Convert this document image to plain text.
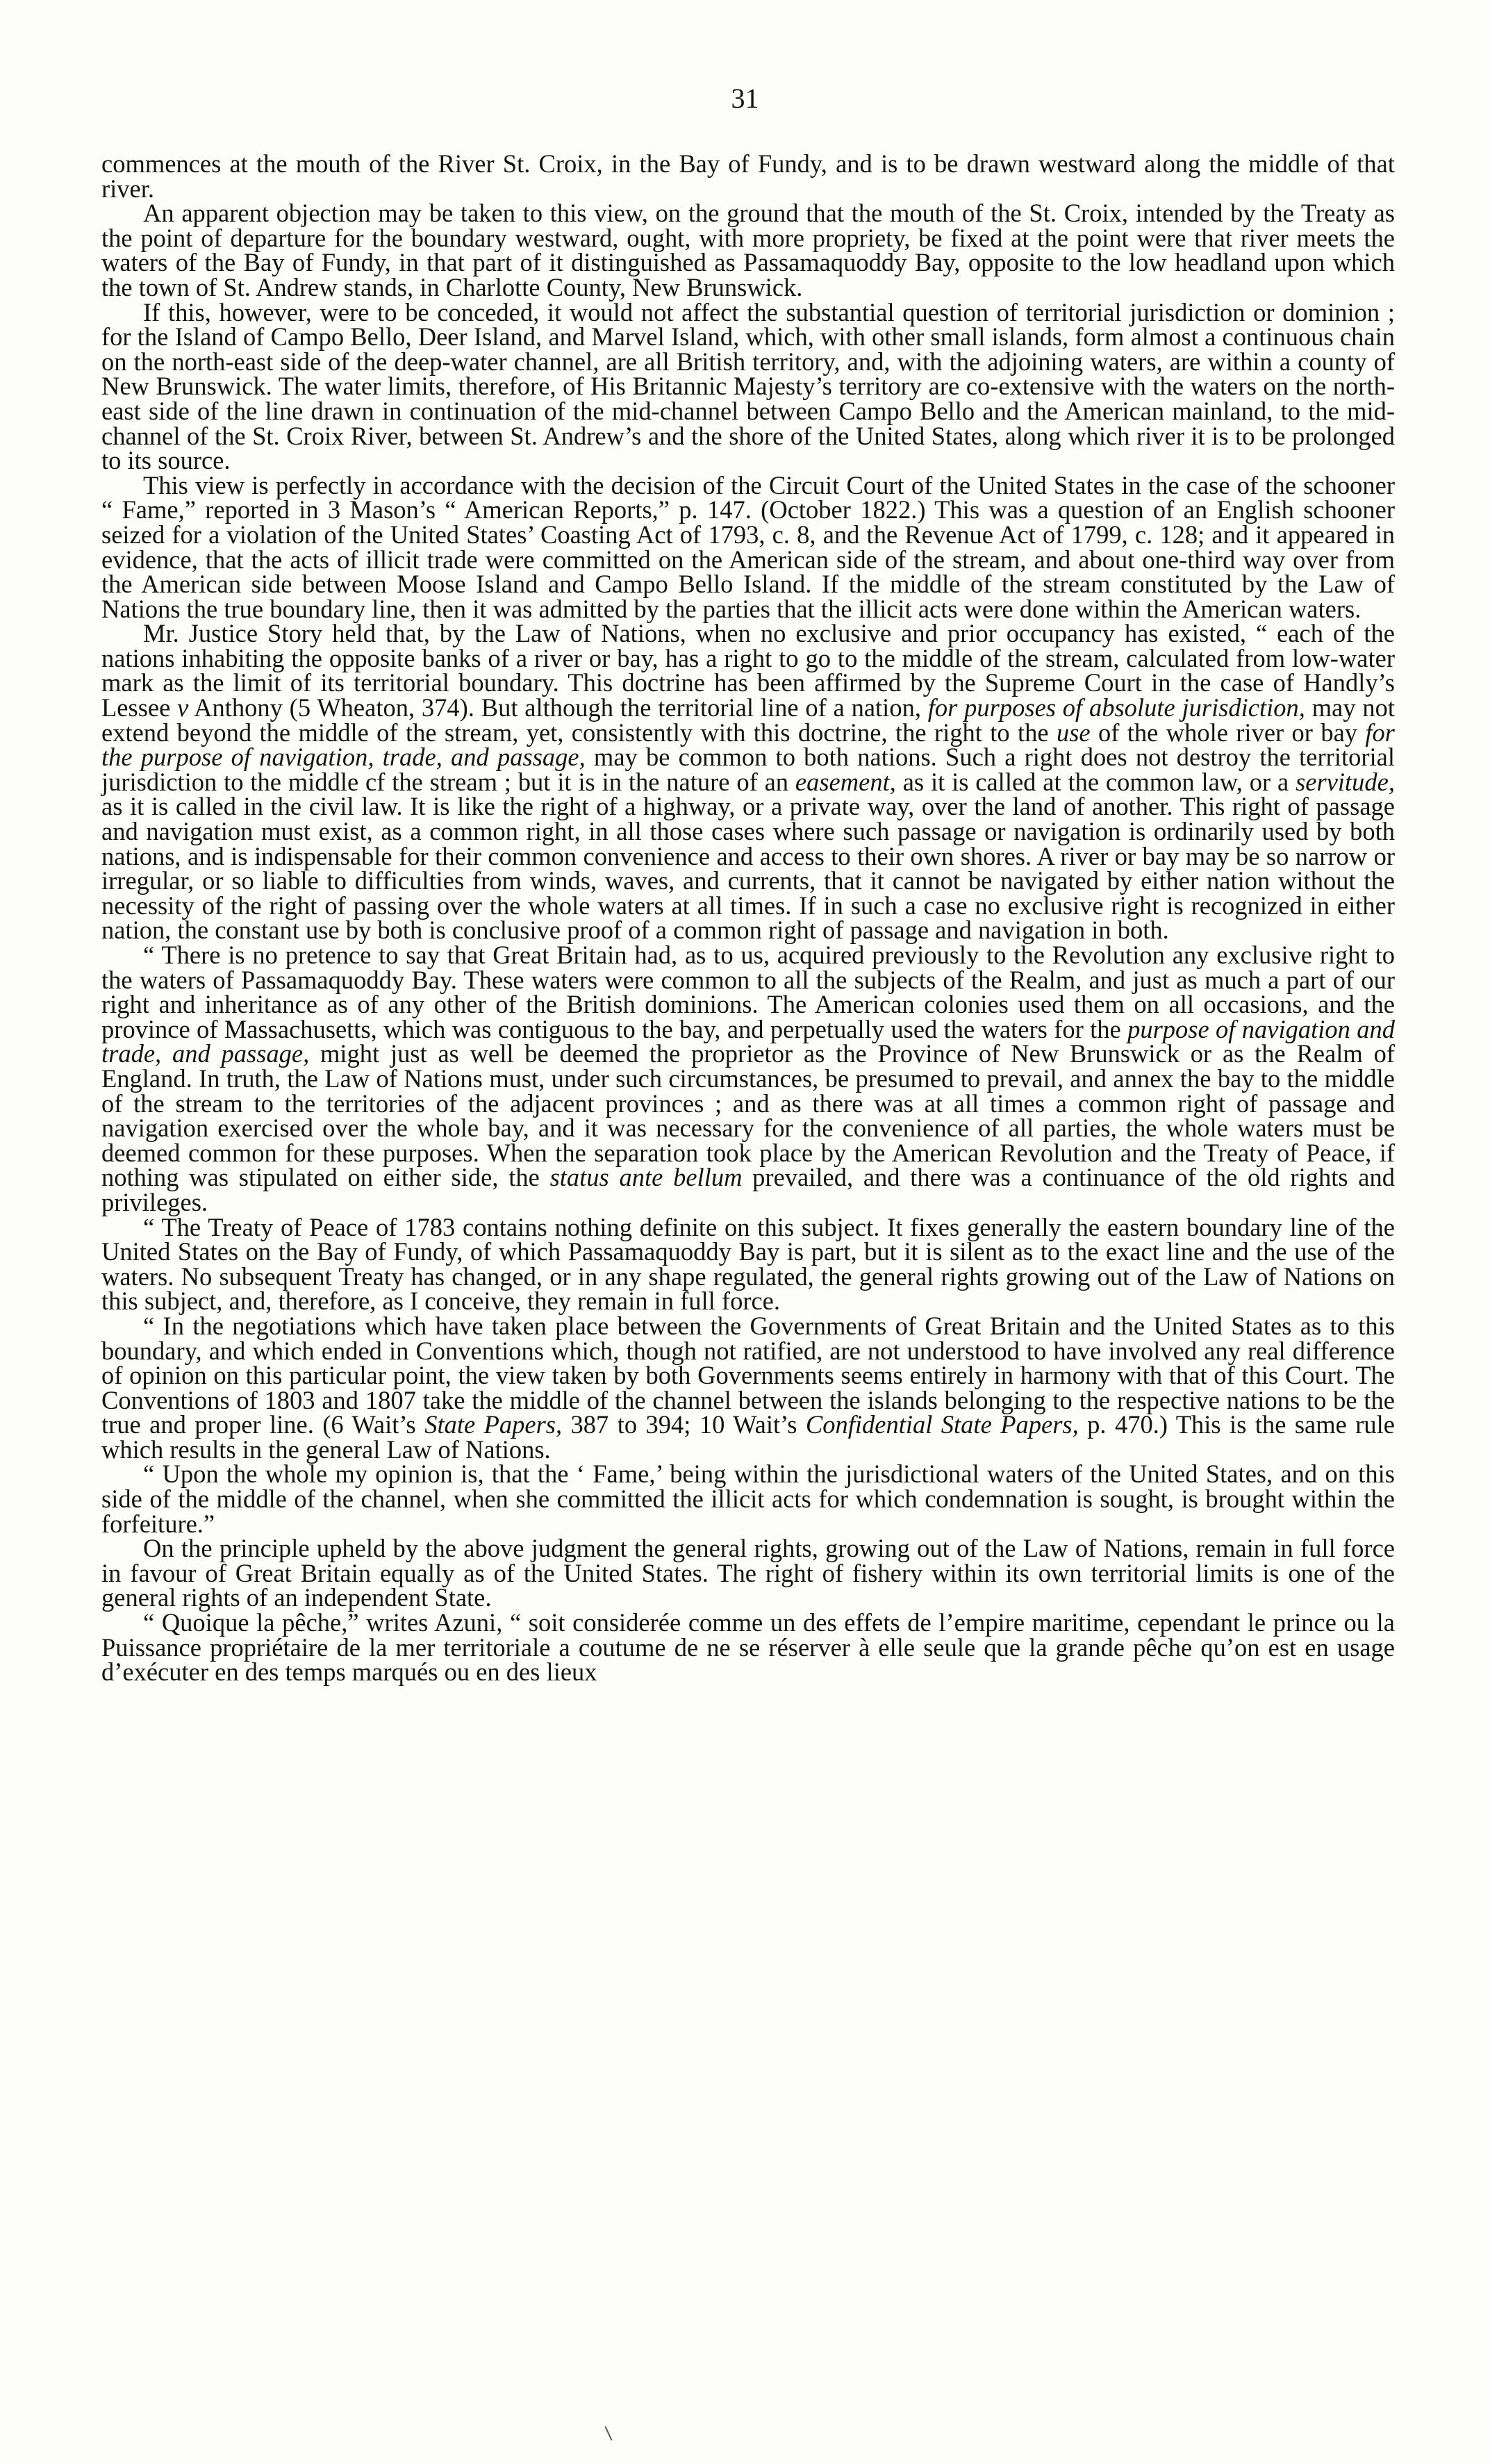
31

commences at the mouth of the River St. Croix, in the Bay of Fundy, and is to be drawn westward along the middle of that river.

An apparent objection may be taken to this view, on the ground that the mouth of the St. Croix, intended by the Treaty as the point of departure for the boundary westward, ought, with more propriety, be fixed at the point were that river meets the waters of the Bay of Fundy, in that part of it distinguished as Passamaquoddy Bay, opposite to the low headland upon which the town of St. Andrew stands, in Charlotte County, New Brunswick.

If this, however, were to be conceded, it would not affect the substantial question of territorial jurisdiction or dominion ; for the Island of Campo Bello, Deer Island, and Marvel Island, which, with other small islands, form almost a continuous chain on the north-east side of the deep-water channel, are all British territory, and, with the adjoining waters, are within a county of New Brunswick. The water limits, therefore, of His Britannic Majesty’s territory are co-extensive with the waters on the north-east side of the line drawn in continuation of the mid-channel between Campo Bello and the American mainland, to the mid-channel of the St. Croix River, between St. Andrew’s and the shore of the United States, along which river it is to be prolonged to its source.

This view is perfectly in accordance with the decision of the Circuit Court of the United States in the case of the schooner “ Fame,” reported in 3 Mason’s “ American Reports,” p. 147. (October 1822.) This was a question of an English schooner seized for a violation of the United States’ Coasting Act of 1793, c. 8, and the Revenue Act of 1799, c. 128; and it appeared in evidence, that the acts of illicit trade were committed on the American side of the stream, and about one-third way over from the American side between Moose Island and Campo Bello Island. If the middle of the stream constituted by the Law of Nations the true boundary line, then it was admitted by the parties that the illicit acts were done within the American waters.

Mr. Justice Story held that, by the Law of Nations, when no exclusive and prior occupancy has existed, “ each of the nations inhabiting the opposite banks of a river or bay, has a right to go to the middle of the stream, calculated from low-water mark as the limit of its territorial boundary. This doctrine has been affirmed by the Supreme Court in the case of Handly’s Lessee v Anthony (5 Wheaton, 374). But although the territorial line of a nation, for purposes of absolute jurisdiction, may not extend beyond the middle of the stream, yet, consistently with this doctrine, the right to the use of the whole river or bay for the purpose of navigation, trade, and passage, may be common to both nations. Such a right does not destroy the territorial jurisdiction to the middle cf the stream ; but it is in the nature of an easement, as it is called at the common law, or a servitude, as it is called in the civil law. It is like the right of a highway, or a private way, over the land of another. This right of passage and navigation must exist, as a common right, in all those cases where such passage or navigation is ordinarily used by both nations, and is indispensable for their common convenience and access to their own shores. A river or bay may be so narrow or irregular, or so liable to difficulties from winds, waves, and currents, that it cannot be navigated by either nation without the necessity of the right of passing over the whole waters at all times. If in such a case no exclusive right is recognized in either nation, the constant use by both is conclusive proof of a common right of passage and navigation in both.

“ There is no pretence to say that Great Britain had, as to us, acquired previously to the Revolution any exclusive right to the waters of Passamaquoddy Bay. These waters were common to all the subjects of the Realm, and just as much a part of our right and inheritance as of any other of the British dominions. The American colonies used them on all occasions, and the province of Massachusetts, which was contiguous to the bay, and perpetually used the waters for the purpose of navigation and trade, and passage, might just as well be deemed the proprietor as the Province of New Brunswick or as the Realm of England. In truth, the Law of Nations must, under such circumstances, be presumed to prevail, and annex the bay to the middle of the stream to the territories of the adjacent provinces ; and as there was at all times a common right of passage and navigation exercised over the whole bay, and it was necessary for the convenience of all parties, the whole waters must be deemed common for these purposes. When the separation took place by the American Revolution and the Treaty of Peace, if nothing was stipulated on either side, the status ante bellum prevailed, and there was a continuance of the old rights and privileges.

“ The Treaty of Peace of 1783 contains nothing definite on this subject. It fixes generally the eastern boundary line of the United States on the Bay of Fundy, of which Passamaquoddy Bay is part, but it is silent as to the exact line and the use of the waters. No subsequent Treaty has changed, or in any shape regulated, the general rights growing out of the Law of Nations on this subject, and, therefore, as I conceive, they remain in full force.

“ In the negotiations which have taken place between the Governments of Great Britain and the United States as to this boundary, and which ended in Conventions which, though not ratified, are not understood to have involved any real difference of opinion on this particular point, the view taken by both Governments seems entirely in harmony with that of this Court. The Conventions of 1803 and 1807 take the middle of the channel between the islands belonging to the respective nations to be the true and proper line. (6 Wait’s State Papers, 387 to 394; 10 Wait’s Confidential State Papers, p. 470.) This is the same rule which results in the general Law of Nations.

“ Upon the whole my opinion is, that the ‘ Fame,’ being within the jurisdictional waters of the United States, and on this side of the middle of the channel, when she committed the illicit acts for which condemnation is sought, is brought within the forfeiture.”

On the principle upheld by the above judgment the general rights, growing out of the Law of Nations, remain in full force in favour of Great Britain equally as of the United States. The right of fishery within its own territorial limits is one of the general rights of an independent State.

“ Quoique la pêche,” writes Azuni, “ soit considerée comme un des effets de l’empire maritime, cependant le prince ou la Puissance propriétaire de la mer territoriale a coutume de ne se réserver à elle seule que la grande pêche qu’on est en usage d’exécuter en des temps marqués ou en des lieux
